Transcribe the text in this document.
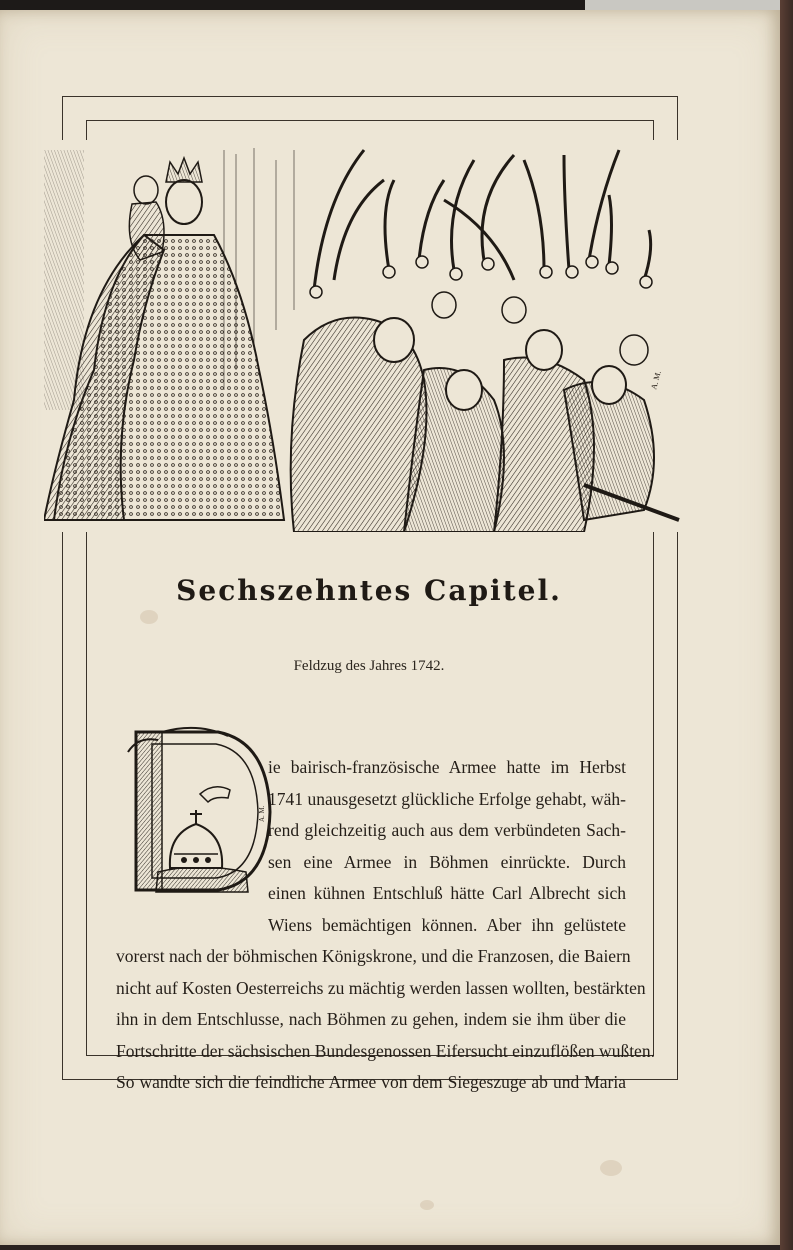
A. M.
Sechszehntes Capitel.
Feldzug des Jahres 1742.
A. M.
ie bairisch-französische Armee hatte im Herbst
1741 unausgesetzt glückliche Erfolge gehabt, wäh-
rend gleichzeitig auch aus dem verbündeten Sach-
sen eine Armee in Böhmen einrückte. Durch
einen kühnen Entschluß hätte Carl Albrecht sich
Wiens bemächtigen können. Aber ihn gelüstete
vorerst nach der böhmischen Königskrone, und die Franzosen, die Baiern
nicht auf Kosten Oesterreichs zu mächtig werden lassen wollten, bestärkten
ihn in dem Entschlusse, nach Böhmen zu gehen, indem sie ihm über die
Fortschritte der sächsischen Bundesgenossen Eifersucht einzuflößen wußten.
So wandte sich die feindliche Armee von dem Siegeszuge ab und Maria
